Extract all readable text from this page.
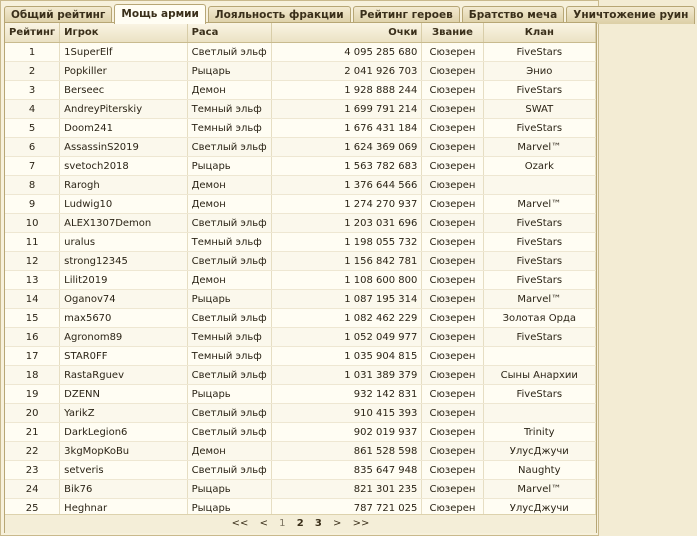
Общий рейтинг	Мощь армии	Лояльность фракции	Рейтинг героев	Братство меча	Уничтожение руин
Рейтинг	Игрок	Раса	Очки	Звание	Клан
1	1SuperElf	Светлый эльф	4 095 285 680	Сюзерен	FiveStars
2	Popkiller	Рыцарь	2 041 926 703	Сюзерен	Энио
3	Berseec	Демон	1 928 888 244	Сюзерен	FiveStars
4	AndreyPiterskiy	Темный эльф	1 699 791 214	Сюзерен	SWAT
5	Doom241	Темный эльф	1 676 431 184	Сюзерен	FiveStars
6	AssassinS2019	Светлый эльф	1 624 369 069	Сюзерен	Marvel™
7	svetoch2018	Рыцарь	1 563 782 683	Сюзерен	Ozark
8	Rarogh	Демон	1 376 644 566	Сюзерен	
9	Ludwig10	Демон	1 274 270 937	Сюзерен	Marvel™
10	ALEX1307Demon	Светлый эльф	1 203 031 696	Сюзерен	FiveStars
11	uralus	Темный эльф	1 198 055 732	Сюзерен	FiveStars
12	strong12345	Светлый эльф	1 156 842 781	Сюзерен	FiveStars
13	Lilit2019	Демон	1 108 600 800	Сюзерен	FiveStars
14	Oganov74	Рыцарь	1 087 195 314	Сюзерен	Marvel™
15	max5670	Светлый эльф	1 082 462 229	Сюзерен	Золотая Орда
16	Agronom89	Темный эльф	1 052 049 977	Сюзерен	FiveStars
17	STAR0FF	Темный эльф	1 035 904 815	Сюзерен	
18	RastaRguev	Светлый эльф	1 031 389 379	Сюзерен	Сыны Анархии
19	DZENN	Рыцарь	932 142 831	Сюзерен	FiveStars
20	YarikZ	Светлый эльф	910 415 393	Сюзерен	
21	DarkLegion6	Светлый эльф	902 019 937	Сюзерен	Trinity
22	3kgMopKoBu	Демон	861 528 598	Сюзерен	УлусДжучи
23	setveris	Светлый эльф	835 647 948	Сюзерен	Naughty
24	Bik76	Рыцарь	821 301 235	Сюзерен	Marvel™
25	Heghnar	Рыцарь	787 721 025	Сюзерен	УлусДжучи
<< < 1 2 3 > >>
